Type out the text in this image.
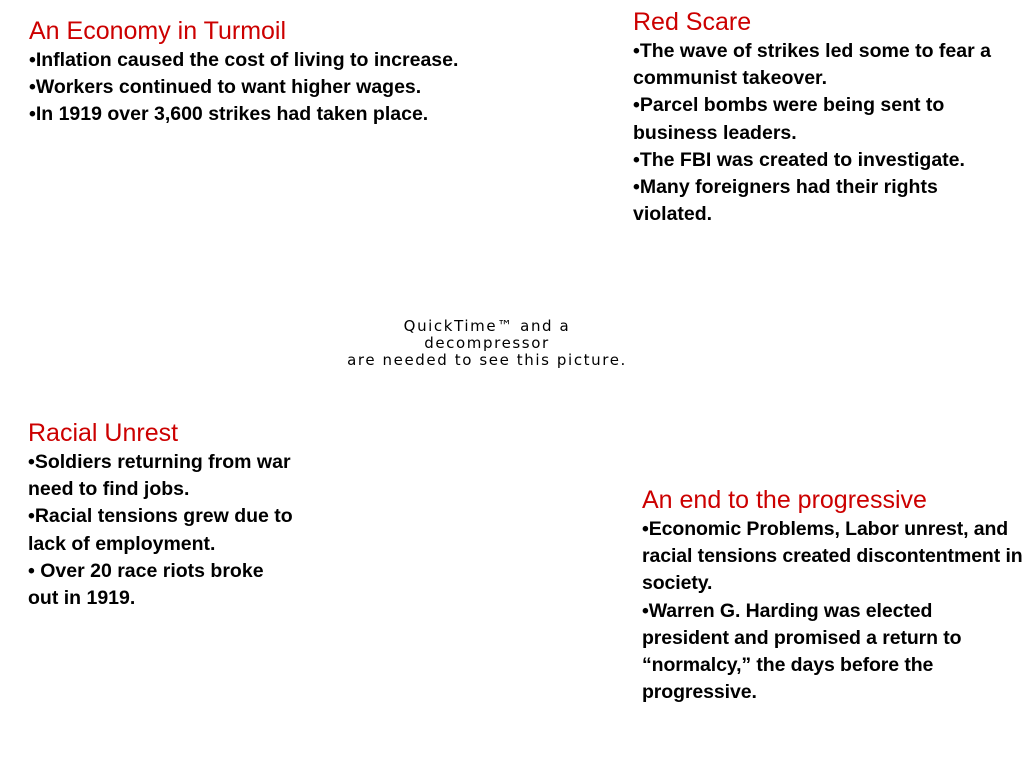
An Economy in Turmoil
•Inflation caused the cost of living to increase.
•Workers continued to want higher wages.
•In 1919 over 3,600 strikes had taken place.
Red Scare
•The wave of strikes led some to fear a communist takeover.
•Parcel bombs were being sent to business leaders.
•The FBI was created to investigate.
•Many foreigners had their rights violated.
QuickTime™ and a
decompressor
are needed to see this picture.
Racial Unrest
•Soldiers returning from war need to find jobs.
•Racial tensions grew due to lack of employment.
• Over 20 race riots broke out in 1919.
An end to the progressive
•Economic Problems, Labor unrest, and racial tensions created discontentment in society.
•Warren G. Harding was elected president and promised a return to “normalcy,” the days before the progressive.
